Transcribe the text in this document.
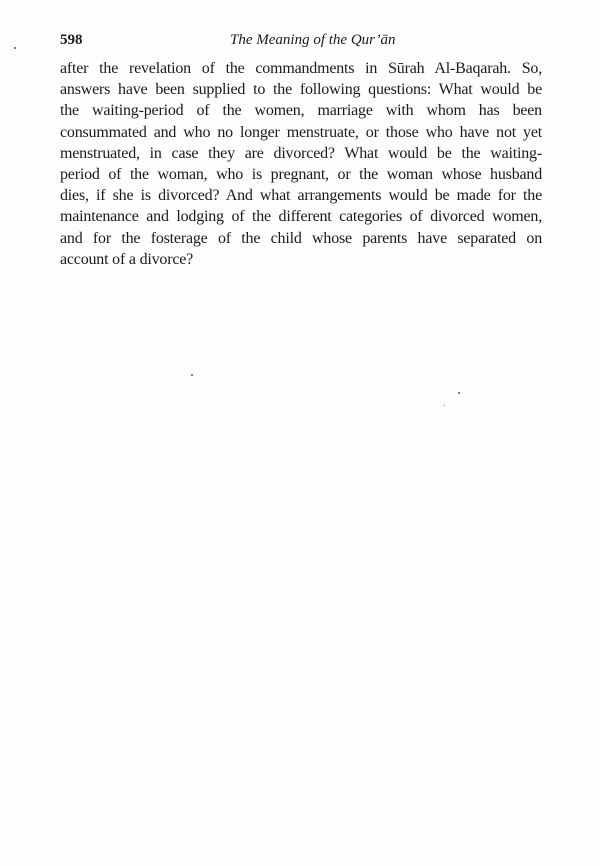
598	The Meaning of the Qur’ān
after the revelation of the commandments in Sūrah Al-Baqarah. So,
answers have been supplied to the following questions: What would be
the waiting-period of the women, marriage with whom has been
consummated and who no longer menstruate, or those who have not yet
menstruated, in case they are divorced? What would be the waiting-
period of the woman, who is pregnant, or the woman whose husband
dies, if she is divorced? And what arrangements would be made for the
maintenance and lodging of the different categories of divorced women,
and for the fosterage of the child whose parents have separated on
account of a divorce?
